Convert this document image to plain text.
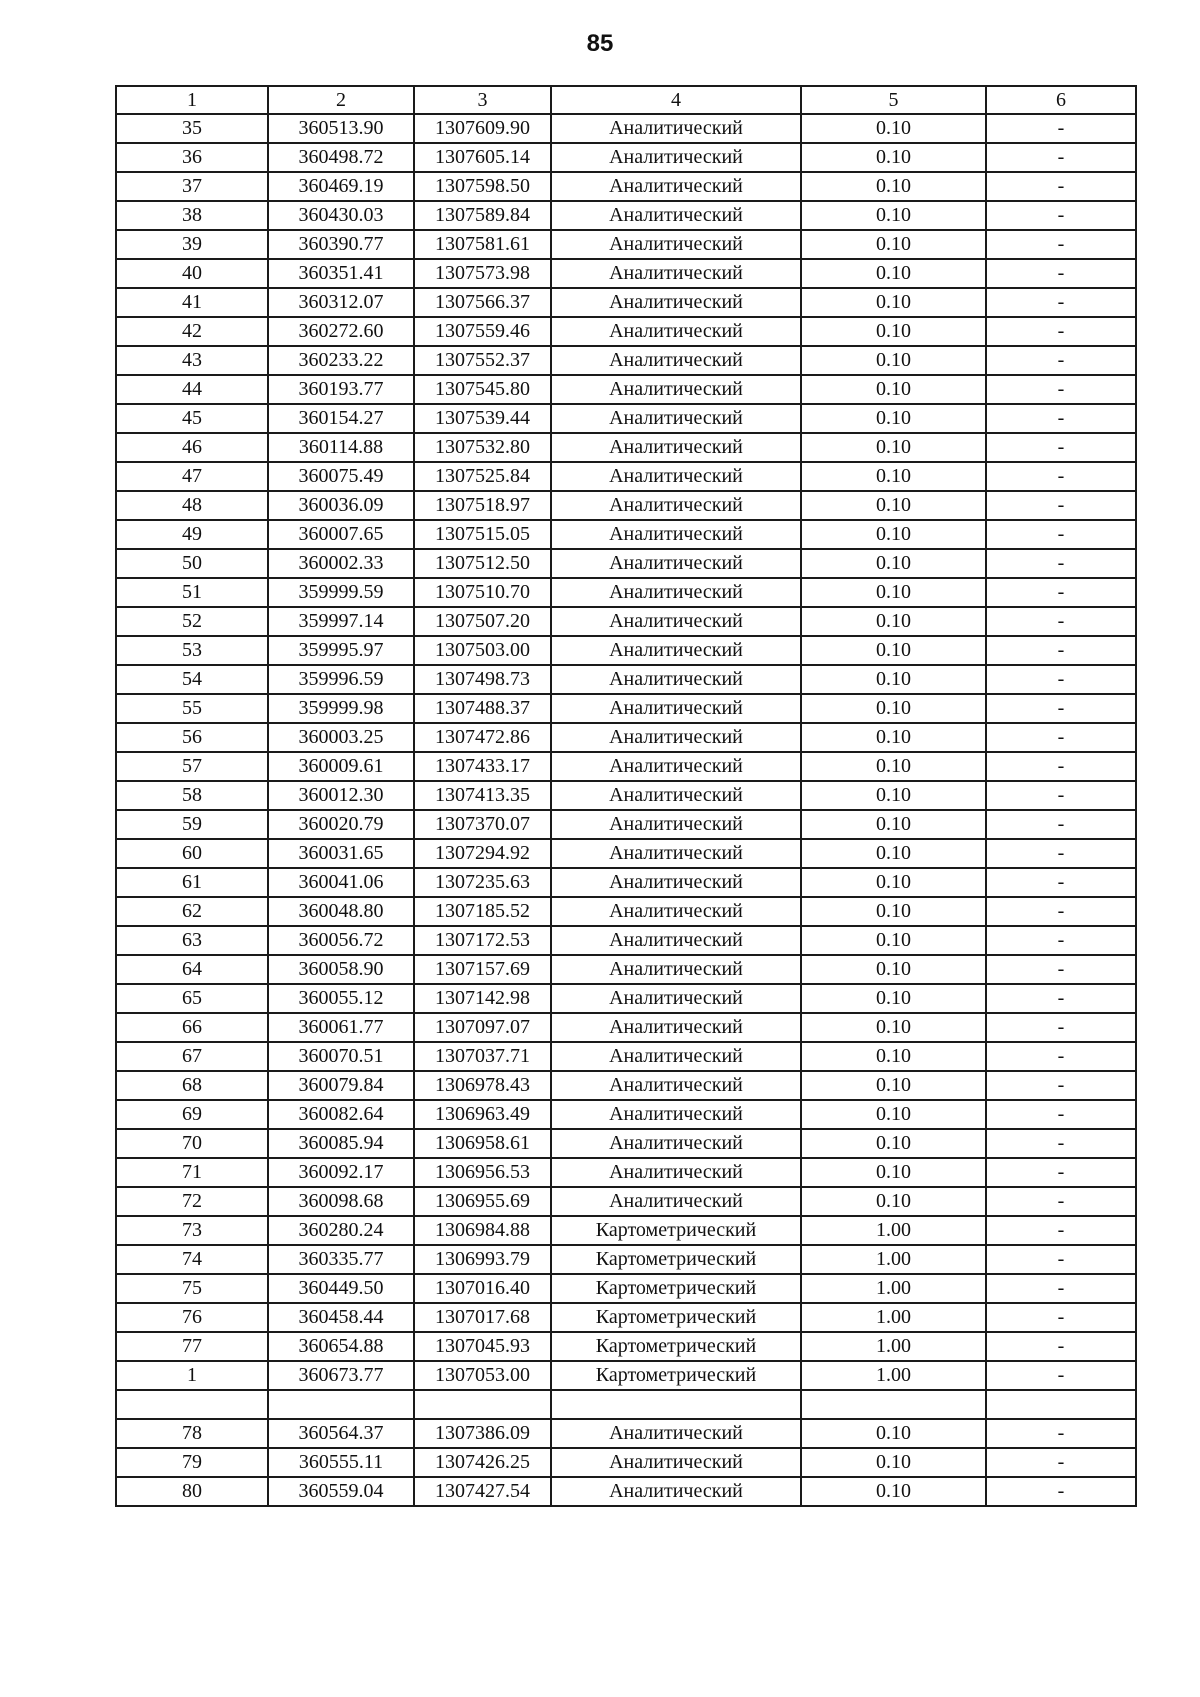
85
1	2	3	4	5	6
35	360513.90	1307609.90	Аналитический	0.10	-
36	360498.72	1307605.14	Аналитический	0.10	-
37	360469.19	1307598.50	Аналитический	0.10	-
38	360430.03	1307589.84	Аналитический	0.10	-
39	360390.77	1307581.61	Аналитический	0.10	-
40	360351.41	1307573.98	Аналитический	0.10	-
41	360312.07	1307566.37	Аналитический	0.10	-
42	360272.60	1307559.46	Аналитический	0.10	-
43	360233.22	1307552.37	Аналитический	0.10	-
44	360193.77	1307545.80	Аналитический	0.10	-
45	360154.27	1307539.44	Аналитический	0.10	-
46	360114.88	1307532.80	Аналитический	0.10	-
47	360075.49	1307525.84	Аналитический	0.10	-
48	360036.09	1307518.97	Аналитический	0.10	-
49	360007.65	1307515.05	Аналитический	0.10	-
50	360002.33	1307512.50	Аналитический	0.10	-
51	359999.59	1307510.70	Аналитический	0.10	-
52	359997.14	1307507.20	Аналитический	0.10	-
53	359995.97	1307503.00	Аналитический	0.10	-
54	359996.59	1307498.73	Аналитический	0.10	-
55	359999.98	1307488.37	Аналитический	0.10	-
56	360003.25	1307472.86	Аналитический	0.10	-
57	360009.61	1307433.17	Аналитический	0.10	-
58	360012.30	1307413.35	Аналитический	0.10	-
59	360020.79	1307370.07	Аналитический	0.10	-
60	360031.65	1307294.92	Аналитический	0.10	-
61	360041.06	1307235.63	Аналитический	0.10	-
62	360048.80	1307185.52	Аналитический	0.10	-
63	360056.72	1307172.53	Аналитический	0.10	-
64	360058.90	1307157.69	Аналитический	0.10	-
65	360055.12	1307142.98	Аналитический	0.10	-
66	360061.77	1307097.07	Аналитический	0.10	-
67	360070.51	1307037.71	Аналитический	0.10	-
68	360079.84	1306978.43	Аналитический	0.10	-
69	360082.64	1306963.49	Аналитический	0.10	-
70	360085.94	1306958.61	Аналитический	0.10	-
71	360092.17	1306956.53	Аналитический	0.10	-
72	360098.68	1306955.69	Аналитический	0.10	-
73	360280.24	1306984.88	Картометрический	1.00	-
74	360335.77	1306993.79	Картометрический	1.00	-
75	360449.50	1307016.40	Картометрический	1.00	-
76	360458.44	1307017.68	Картометрический	1.00	-
77	360654.88	1307045.93	Картометрический	1.00	-
1	360673.77	1307053.00	Картометрический	1.00	-

78	360564.37	1307386.09	Аналитический	0.10	-
79	360555.11	1307426.25	Аналитический	0.10	-
80	360559.04	1307427.54	Аналитический	0.10	-
